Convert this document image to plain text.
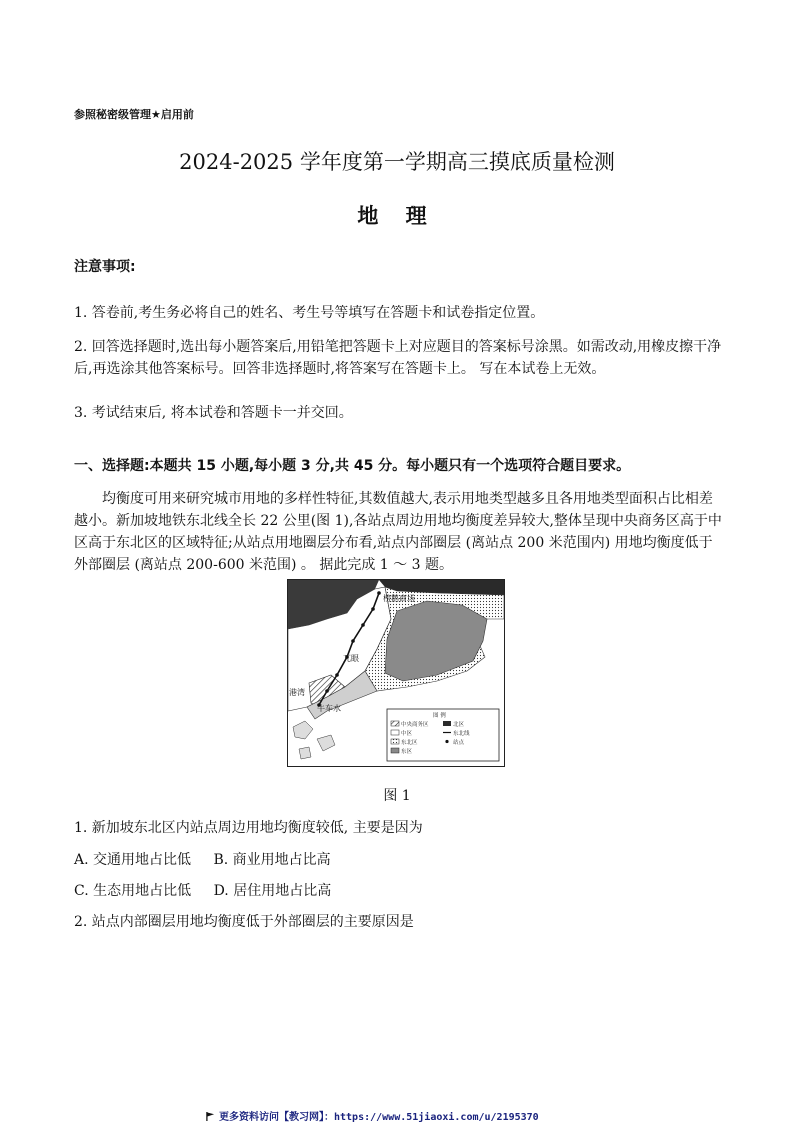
参照秘密级管理★启用前
2024-2025 学年度第一学期高三摸底质量检测
地 理
注意事项:
1. 答卷前,考生务必将自己的姓名、考生号等填写在答题卡和试卷指定位置。
2. 回答选择题时,选出每小题答案后,用铅笔把答题卡上对应题目的答案标号涂黑。如需改动,用橡皮擦干净后,再选涂其他答案标号。回答非选择题时,将答案写在答题卡上。 写在本试卷上无效。
3. 考试结束后, 将本试卷和答题卡一并交回。
一、选择题:本题共 15 小题,每小题 3 分,共 45 分。每小题只有一个选项符合题目要求。
均衡度可用来研究城市用地的多样性特征,其数值越大,表示用地类型越多且各用地类型面积占比相差越小。新加坡地铁东北线全长 22 公里(图 1),各站点周边用地均衡度差异较大,整体呈现中央商务区高于中区高于东北区的区域特征;从站点用地圈层分布看,站点内部圈层 (离站点 200 米范围内) 用地均衡度低于外部圈层 (离站点 200-600 米范围) 。 据此完成 1 ～ 3 题。
榜鹅商场
兀眼
牛车水
港湾
图 例
中央商务区	北区
中区	东北线
东北区	站点
东区
图 1
1. 新加坡东北区内站点周边用地均衡度较低, 主要是因为
A. 交通用地占比低 B. 商业用地占比高
C. 生态用地占比低 D. 居住用地占比高
2. 站点内部圈层用地均衡度低于外部圈层的主要原因是
更多资料访问【教习网】：https://www.51jiaoxi.com/u/2195370
